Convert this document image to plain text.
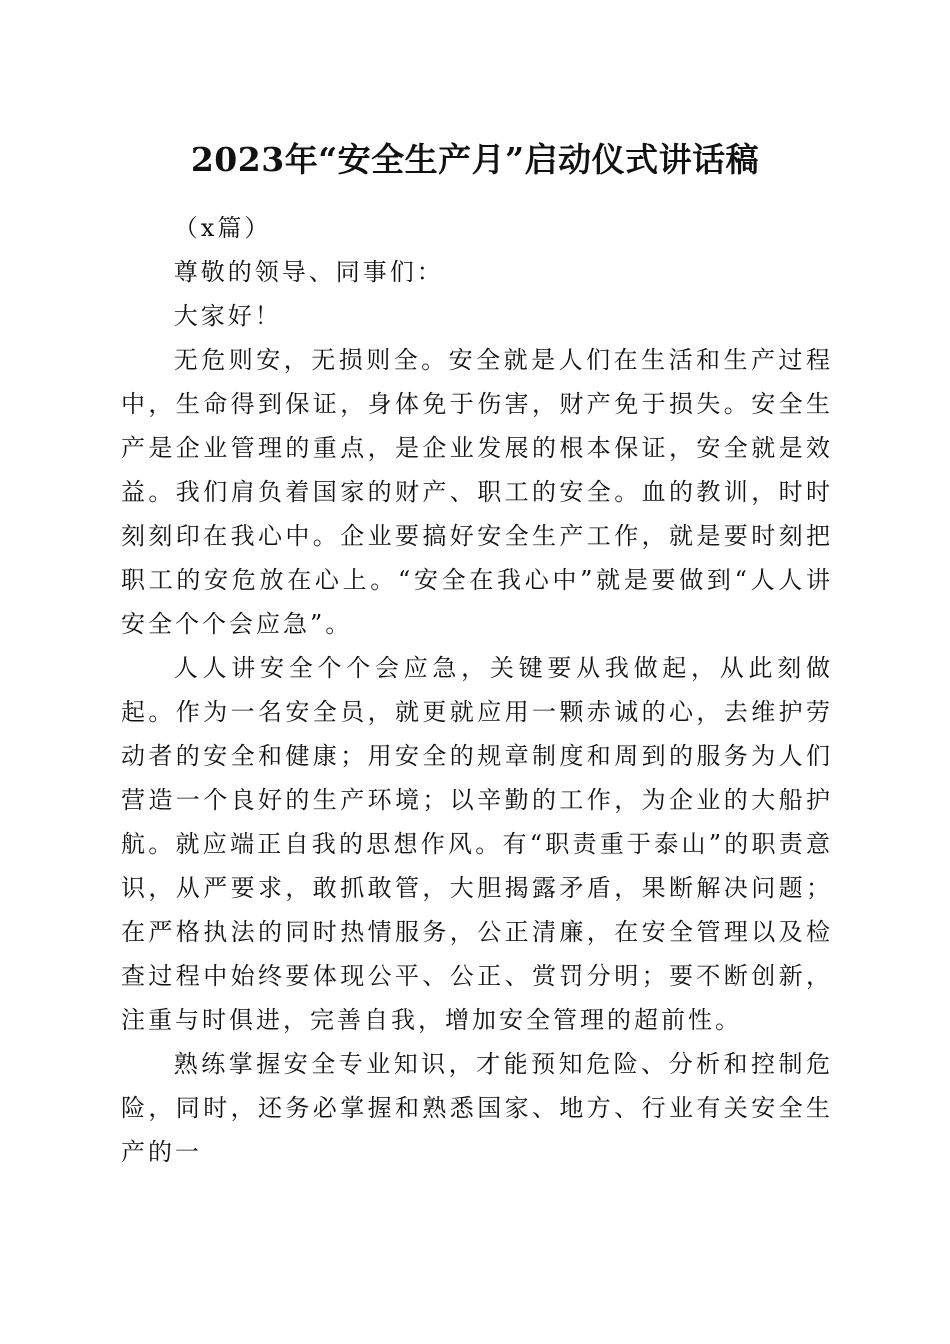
2023年“安全生产月”启动仪式讲话稿

（x篇）

尊敬的领导、同事们：

大家好！

无危则安，无损则全。安全就是人们在生活和生产过程中，生命得到保证，身体免于伤害，财产免于损失。安全生产是企业管理的重点，是企业发展的根本保证，安全就是效益。我们肩负着国家的财产、职工的安全。血的教训，时时刻刻印在我心中。企业要搞好安全生产工作，就是要时刻把职工的安危放在心上。“安全在我心中”就是要做到“人人讲安全个个会应急”。

人人讲安全个个会应急，关键要从我做起，从此刻做起。作为一名安全员，就更就应用一颗赤诚的心，去维护劳动者的安全和健康；用安全的规章制度和周到的服务为人们营造一个良好的生产环境；以辛勤的工作，为企业的大船护航。就应端正自我的思想作风。有“职责重于泰山”的职责意识，从严要求，敢抓敢管，大胆揭露矛盾，果断解决问题；在严格执法的同时热情服务，公正清廉，在安全管理以及检查过程中始终要体现公平、公正、赏罚分明；要不断创新，注重与时俱进，完善自我，增加安全管理的超前性。

熟练掌握安全专业知识，才能预知危险、分析和控制危险，同时，还务必掌握和熟悉国家、地方、行业有关安全生产的一
